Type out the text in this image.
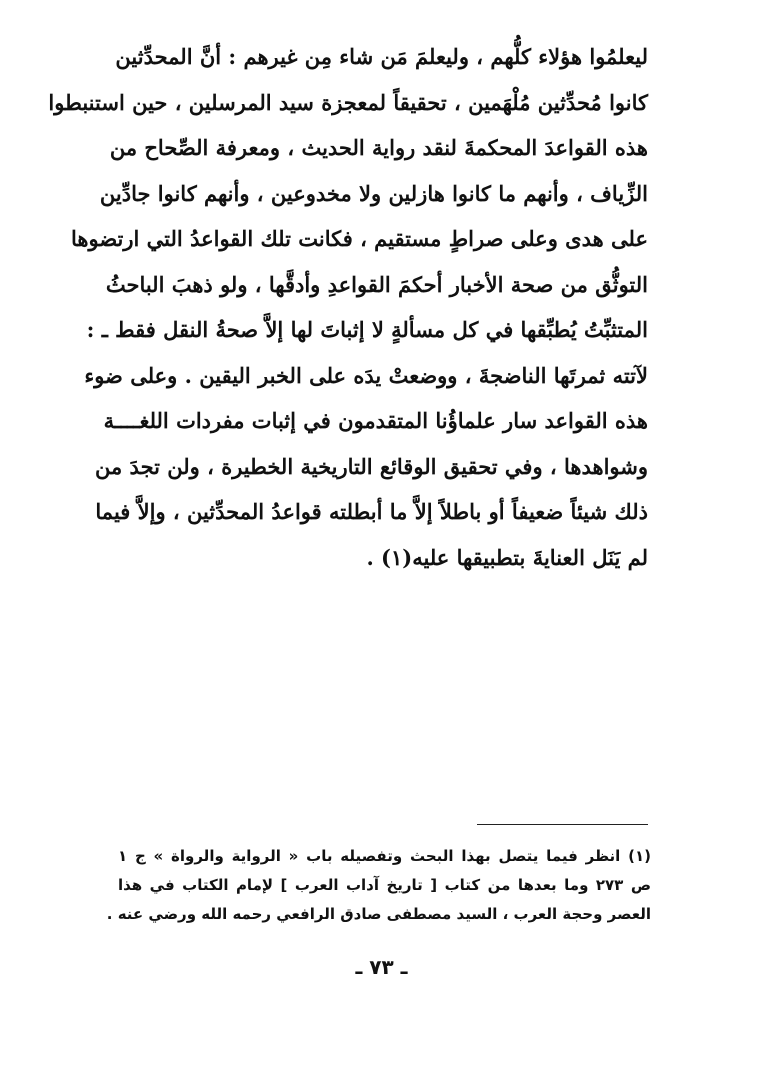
ليعلمُوا هؤلاء كلُّهم ، وليعلمَ مَن شاء مِن غيرهم : أنَّ المحدِّثين
كانوا مُحدِّثين مُلْهَمين ، تحقيقاً لمعجزة سيد المرسلين ، حين استنبطوا
هذه القواعدَ المحكمةَ لنقد رواية الحديث ، ومعرفة الصِّحاح من
الزِّياف ، وأنهم ما كانوا هازلين ولا مخدوعين ، وأنهم كانوا جادِّين
على هدى وعلى صراطٍ مستقيم ، فكانت تلك القواعدُ التي ارتضوها
التوثُّق من صحة الأخبار أحكمَ القواعدِ وأدقَّها ، ولو ذهبَ الباحثُ
المتثبِّتُ يُطبِّقها في كل مسألةٍ لا إثباتَ لها إلاَّ صحةُ النقل فقط ـ :
لآتته ثمرتَها الناضجةَ ، ووضعتْ يدَه على الخبر اليقين . وعلى ضوء
هذه القواعد سار علماؤُنا المتقدمون في إثبات مفردات اللغــــة
وشواهدها ، وفي تحقيق الوقائع التاريخية الخطيرة ، ولن تجدَ من
ذلك شيئاً ضعيفاً أو باطلاً إلاَّ ما أبطلته قواعدُ المحدِّثين ، وإلاَّ فيما
لم يَنَل العنايةَ بتطبيقها عليه(١) .
(١) انظر فيما يتصل بهذا البحث وتفصيله باب « الرواية والرواة » ج ١
ص ٢٧٣ وما بعدها من كتاب [ تاريخ آداب العرب ] لإمام الكتاب في هذا
العصر وحجة العرب ، السيد مصطفى صادق الرافعي رحمه الله ورضي عنه .
ـ ٧٣ ـ
